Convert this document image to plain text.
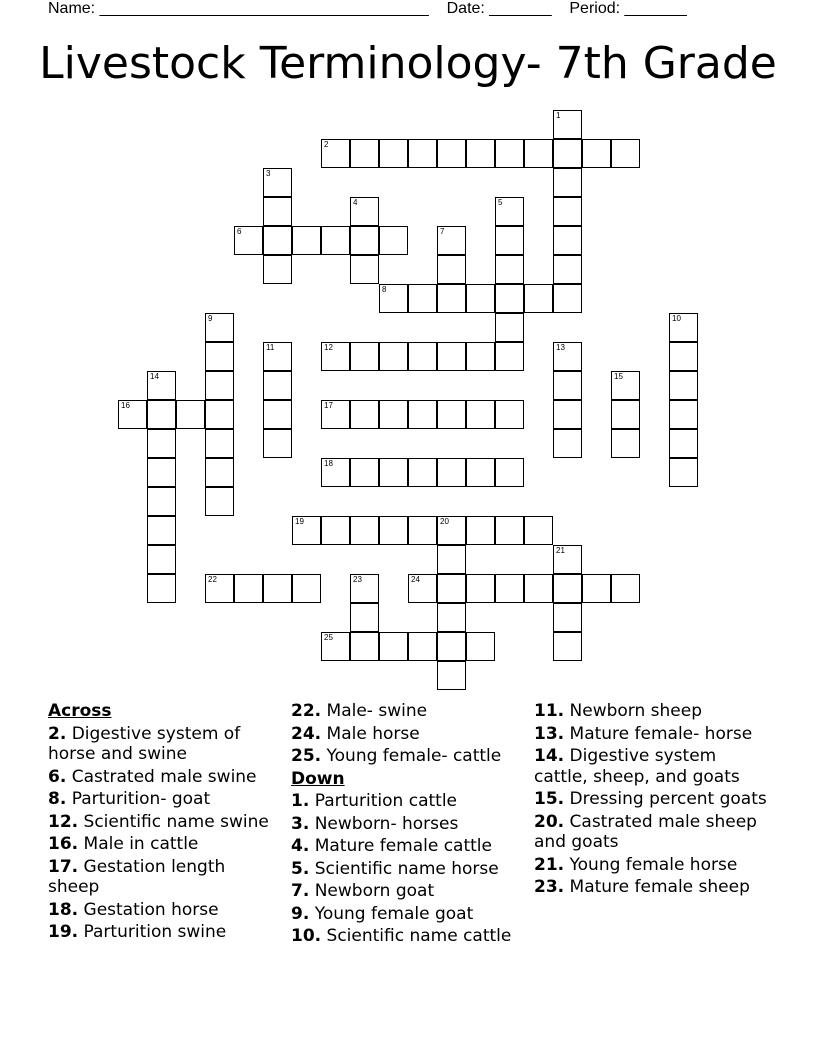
Name: _____________________________________ Date: _______ Period: _______
Livestock Terminology- 7th Grade
1
2
3
4	5
6	7
8
9	10
11	12	13
14	15
16	17
18
19	20
21
22	23	24
25
Across
2. Digestive system of horse and swine
6. Castrated male swine
8. Parturition- goat
12. Scientific name swine
16. Male in cattle
17. Gestation length sheep
18. Gestation horse
19. Parturition swine
22. Male- swine
24. Male horse
25. Young female- cattle
Down
1. Parturition cattle
3. Newborn- horses
4. Mature female cattle
5. Scientific name horse
7. Newborn goat
9. Young female goat
10. Scientific name cattle
11. Newborn sheep
13. Mature female- horse
14. Digestive system cattle, sheep, and goats
15. Dressing percent goats
20. Castrated male sheep and goats
21. Young female horse
23. Mature female sheep
